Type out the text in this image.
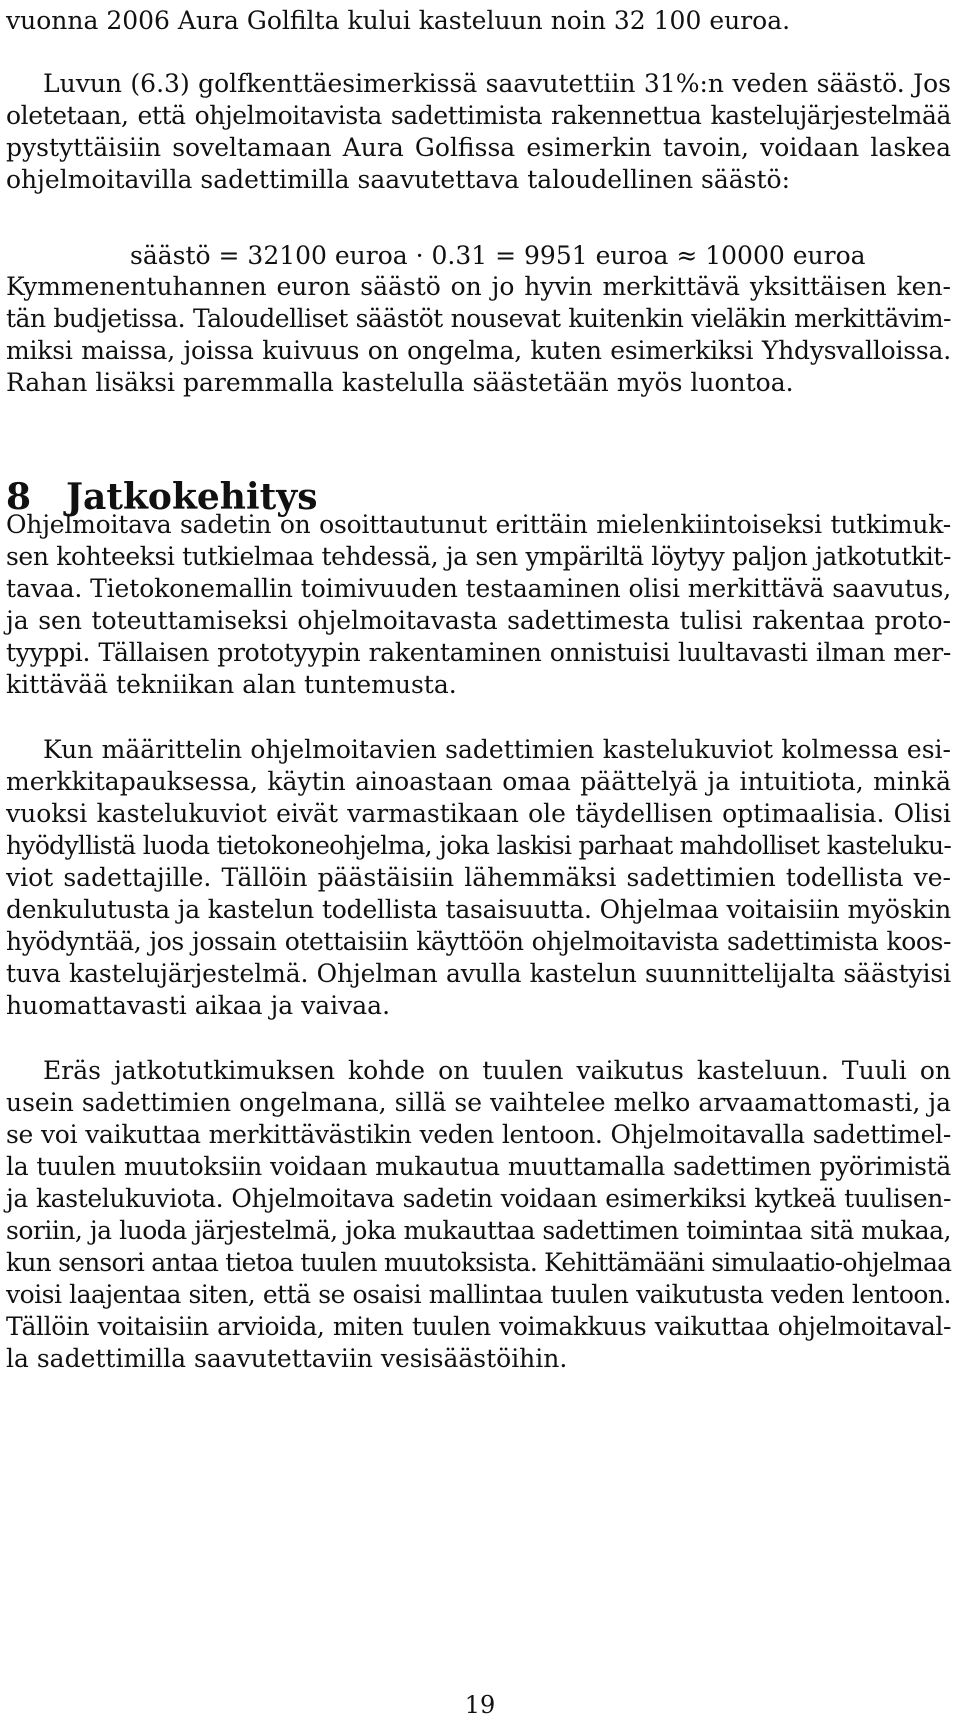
vuonna 2006 Aura Golfilta kului kasteluun noin 32 100 euroa.
Luvun (6.3) golfkenttäesimerkissä saavutettiin 31%:n veden säästö. Jos
oletetaan, että ohjelmoitavista sadettimista rakennettua kastelujärjestelmää
pystyttäisiin soveltamaan Aura Golfissa esimerkin tavoin, voidaan laskea
ohjelmoitavilla sadettimilla saavutettava taloudellinen säästö:
säästö = 32100 euroa · 0.31 = 9951 euroa ≈ 10000 euroa
Kymmenentuhannen euron säästö on jo hyvin merkittävä yksittäisen ken-
tän budjetissa. Taloudelliset säästöt nousevat kuitenkin vieläkin merkittävim-
miksi maissa, joissa kuivuus on ongelma, kuten esimerkiksi Yhdysvalloissa.
Rahan lisäksi paremmalla kastelulla säästetään myös luontoa.
8 Jatkokehitys
Ohjelmoitava sadetin on osoittautunut erittäin mielenkiintoiseksi tutkimuk-
sen kohteeksi tutkielmaa tehdessä, ja sen ympäriltä löytyy paljon jatkotutkit-
tavaa. Tietokonemallin toimivuuden testaaminen olisi merkittävä saavutus,
ja sen toteuttamiseksi ohjelmoitavasta sadettimesta tulisi rakentaa proto-
tyyppi. Tällaisen prototyypin rakentaminen onnistuisi luultavasti ilman mer-
kittävää tekniikan alan tuntemusta.
Kun määrittelin ohjelmoitavien sadettimien kastelukuviot kolmessa esi-
merkkitapauksessa, käytin ainoastaan omaa päättelyä ja intuitiota, minkä
vuoksi kastelukuviot eivät varmastikaan ole täydellisen optimaalisia. Olisi
hyödyllistä luoda tietokoneohjelma, joka laskisi parhaat mahdolliset kasteluku-
viot sadettajille. Tällöin päästäisiin lähemmäksi sadettimien todellista ve-
denkulutusta ja kastelun todellista tasaisuutta. Ohjelmaa voitaisiin myöskin
hyödyntää, jos jossain otettaisiin käyttöön ohjelmoitavista sadettimista koos-
tuva kastelujärjestelmä. Ohjelman avulla kastelun suunnittelijalta säästyisi
huomattavasti aikaa ja vaivaa.
Eräs jatkotutkimuksen kohde on tuulen vaikutus kasteluun. Tuuli on
usein sadettimien ongelmana, sillä se vaihtelee melko arvaamattomasti, ja
se voi vaikuttaa merkittävästikin veden lentoon. Ohjelmoitavalla sadettimel-
la tuulen muutoksiin voidaan mukautua muuttamalla sadettimen pyörimistä
ja kastelukuviota. Ohjelmoitava sadetin voidaan esimerkiksi kytkeä tuulisen-
soriin, ja luoda järjestelmä, joka mukauttaa sadettimen toimintaa sitä mukaa,
kun sensori antaa tietoa tuulen muutoksista. Kehittämääni simulaatio-ohjelmaa
voisi laajentaa siten, että se osaisi mallintaa tuulen vaikutusta veden lentoon.
Tällöin voitaisiin arvioida, miten tuulen voimakkuus vaikuttaa ohjelmoitaval-
la sadettimilla saavutettaviin vesisäästöihin.
19
